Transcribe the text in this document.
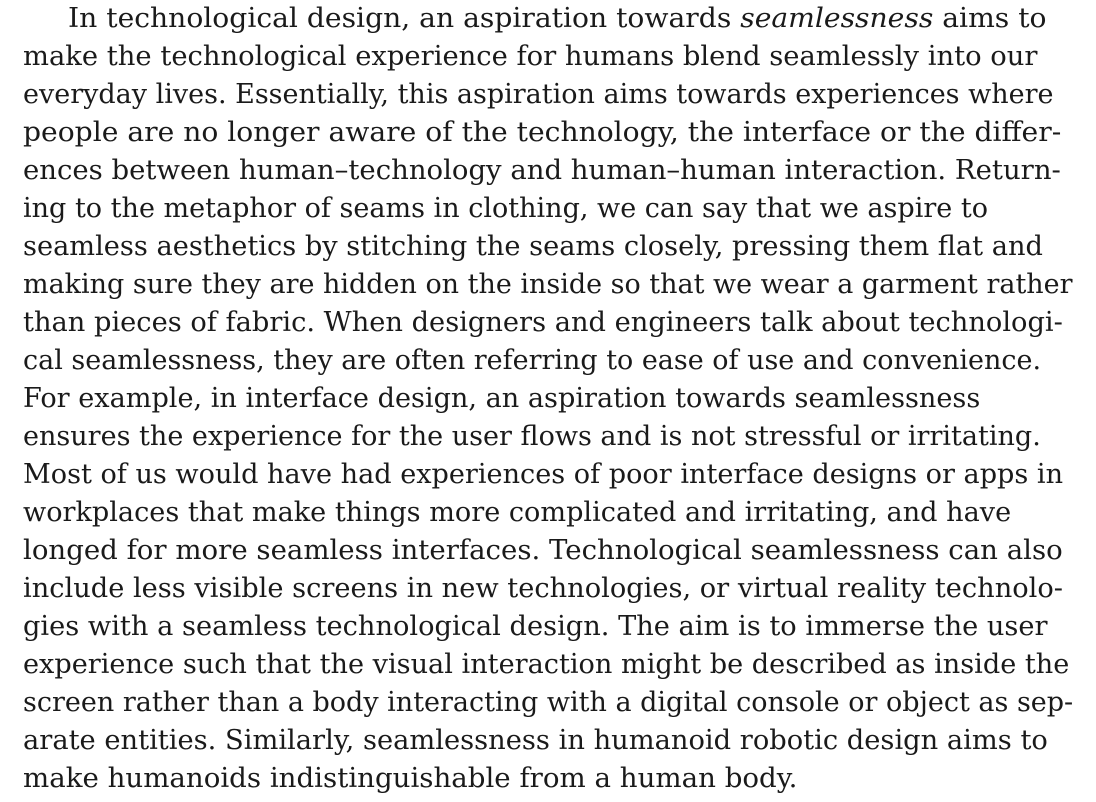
In technological design, an aspiration towards seamlessness aims to
make the technological experience for humans blend seamlessly into our
everyday lives. Essentially, this aspiration aims towards experiences where
people are no longer aware of the technology, the interface or the differ-
ences between human–technology and human–human interaction. Return-
ing to the metaphor of seams in clothing, we can say that we aspire to
seamless aesthetics by stitching the seams closely, pressing them flat and
making sure they are hidden on the inside so that we wear a garment rather
than pieces of fabric. When designers and engineers talk about technologi-
cal seamlessness, they are often referring to ease of use and convenience.
For example, in interface design, an aspiration towards seamlessness
ensures the experience for the user flows and is not stressful or irritating.
Most of us would have had experiences of poor interface designs or apps in
workplaces that make things more complicated and irritating, and have
longed for more seamless interfaces. Technological seamlessness can also
include less visible screens in new technologies, or virtual reality technolo-
gies with a seamless technological design. The aim is to immerse the user
experience such that the visual interaction might be described as inside the
screen rather than a body interacting with a digital console or object as sep-
arate entities. Similarly, seamlessness in humanoid robotic design aims to
make humanoids indistinguishable from a human body.
